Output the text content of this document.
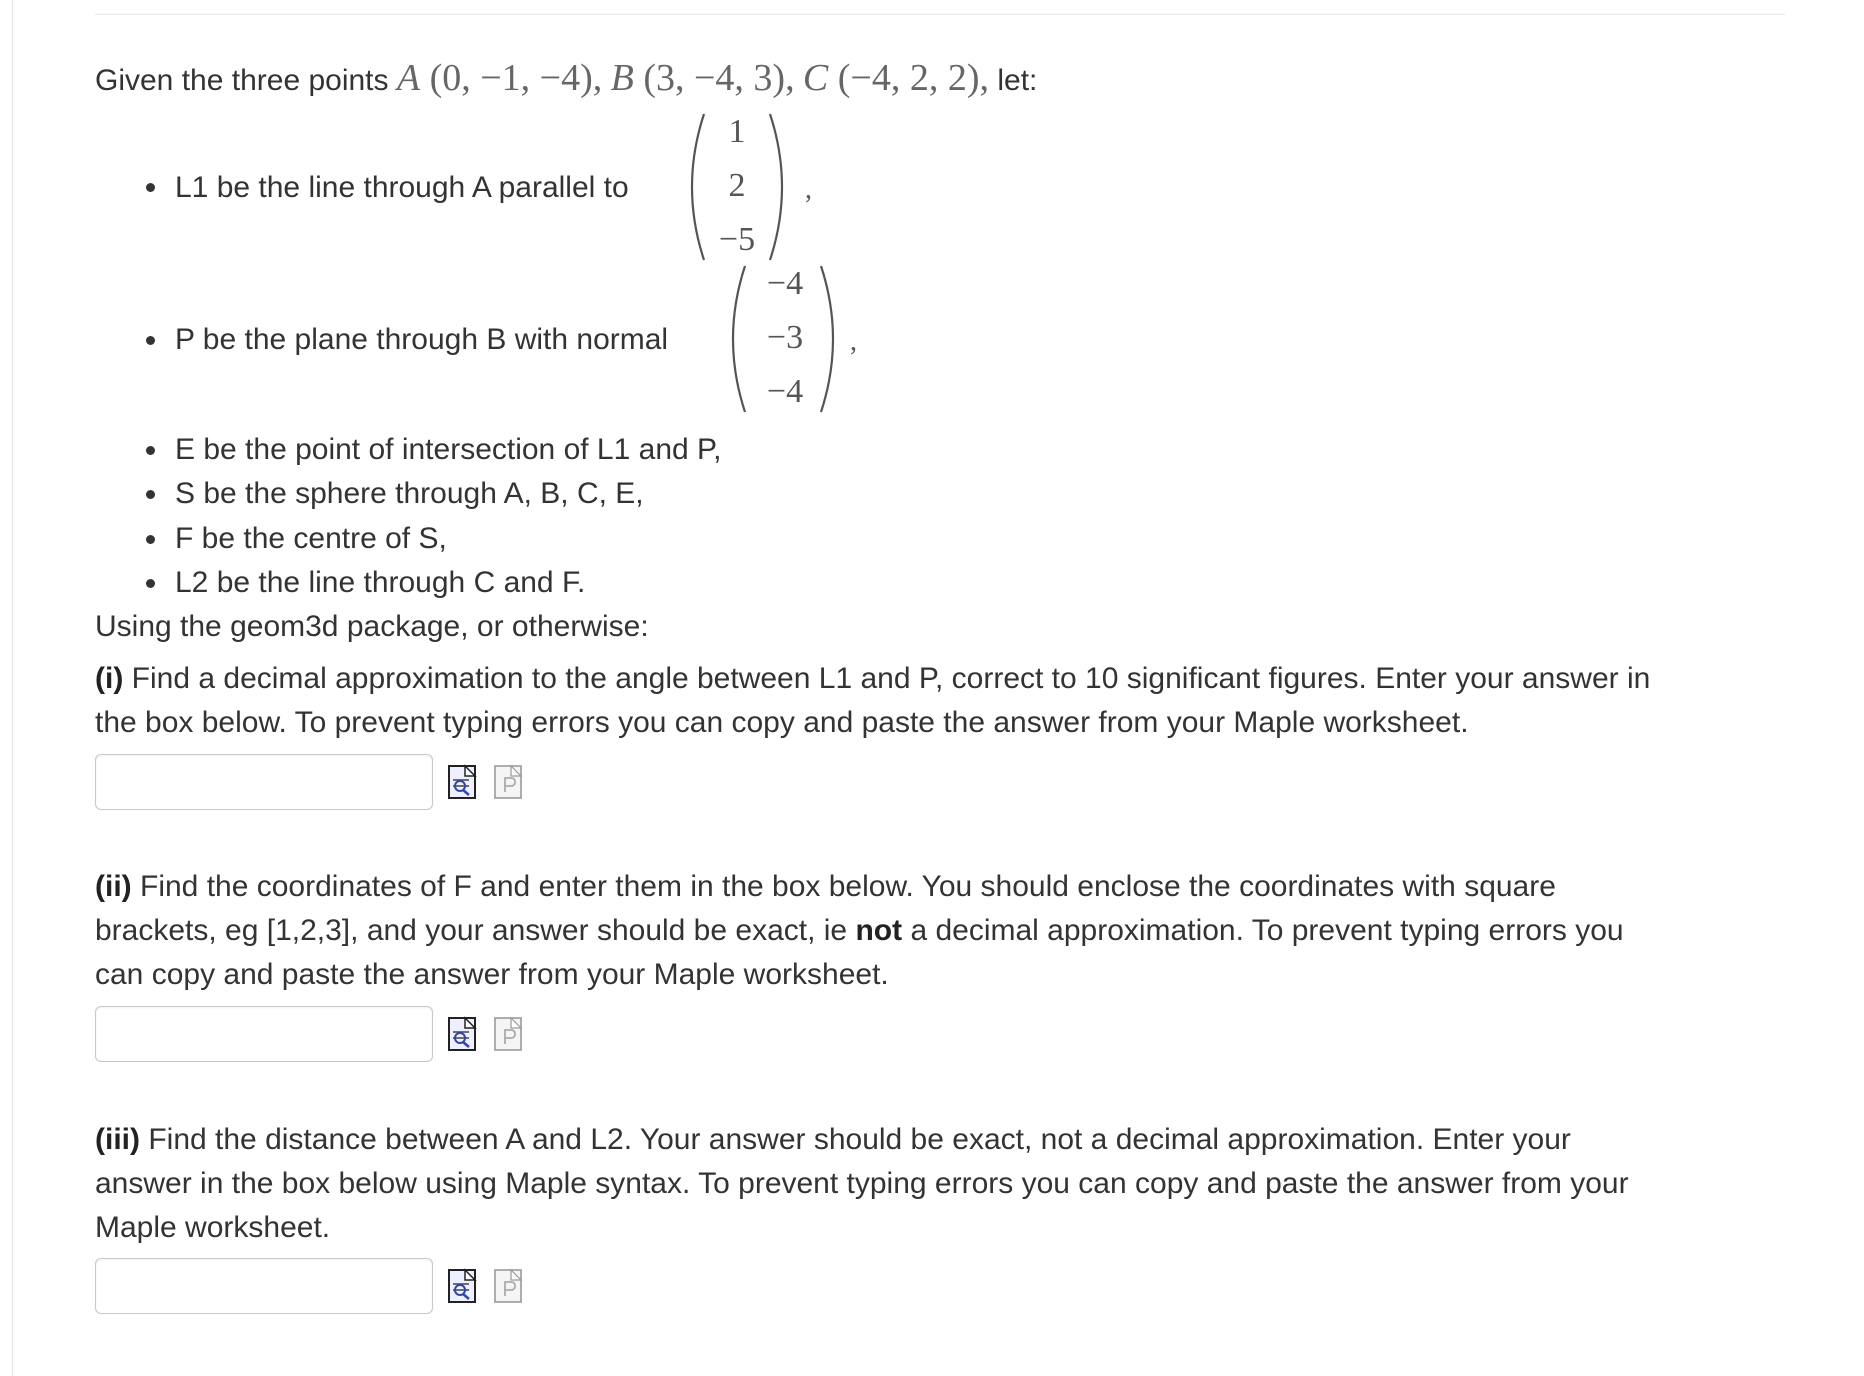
Given the three points A (0, −1, −4), B (3, −4, 3), C (−4, 2, 2), let:
L1 be the line through A parallel to
1
2
−5
,
P be the plane through B with normal
−4
−3
−4
,
E be the point of intersection of L1 and P,
S be the sphere through A, B, C, E,
F be the centre of S,
L2 be the line through C and F.
Using the geom3d package, or otherwise:
(i) Find a decimal approximation to the angle between L1 and P, correct to 10 significant figures. Enter your answer in
the box below. To prevent typing errors you can copy and paste the answer from your Maple worksheet.
(ii) Find the coordinates of F and enter them in the box below. You should enclose the coordinates with square
brackets, eg [1,2,3], and your answer should be exact, ie not a decimal approximation. To prevent typing errors you
can copy and paste the answer from your Maple worksheet.
(iii) Find the distance between A and L2. Your answer should be exact, not a decimal approximation. Enter your
answer in the box below using Maple syntax. To prevent typing errors you can copy and paste the answer from your
Maple worksheet.
